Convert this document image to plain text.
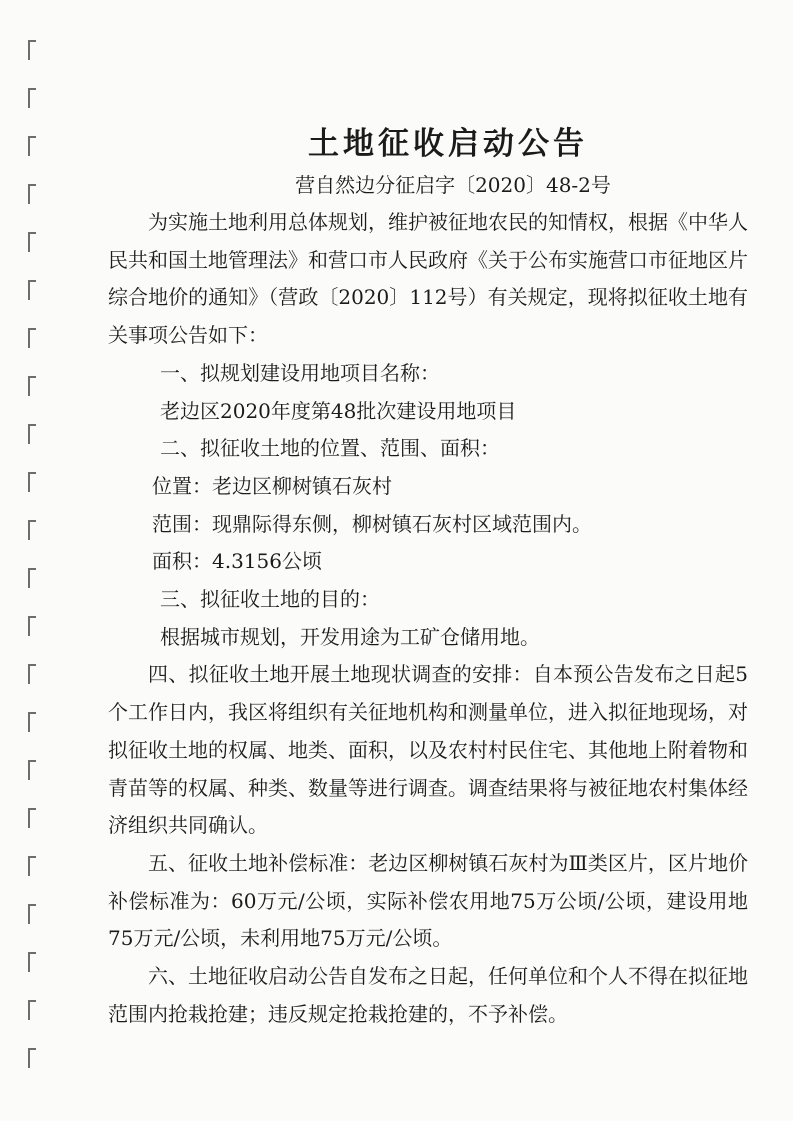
土地征收启动公告
营自然边分征启字〔2020〕48-2号

为实施土地利用总体规划，维护被征地农民的知情权，根据《中华人民共和国土地管理法》和营口市人民政府《关于公布实施营口市征地区片综合地价的通知》（营政〔2020〕112号）有关规定，现将拟征收土地有关事项公告如下：

一、拟规划建设用地项目名称：

老边区2020年度第48批次建设用地项目

二、拟征收土地的位置、范围、面积：

位置：老边区柳树镇石灰村

范围：现鼎际得东侧，柳树镇石灰村区域范围内。

面积：4.3156公顷

三、拟征收土地的目的：

根据城市规划，开发用途为工矿仓储用地。

四、拟征收土地开展土地现状调查的安排：自本预公告发布之日起5个工作日内，我区将组织有关征地机构和测量单位，进入拟征地现场，对拟征收土地的权属、地类、面积，以及农村村民住宅、其他地上附着物和青苗等的权属、种类、数量等进行调查。调查结果将与被征地农村集体经济组织共同确认。

五、征收土地补偿标准：老边区柳树镇石灰村为Ⅲ类区片，区片地价补偿标准为：60万元/公顷，实际补偿农用地75万公顷/公顷，建设用地75万元/公顷，未利用地75万元/公顷。

六、土地征收启动公告自发布之日起，任何单位和个人不得在拟征地范围内抢栽抢建；违反规定抢栽抢建的，不予补偿。
